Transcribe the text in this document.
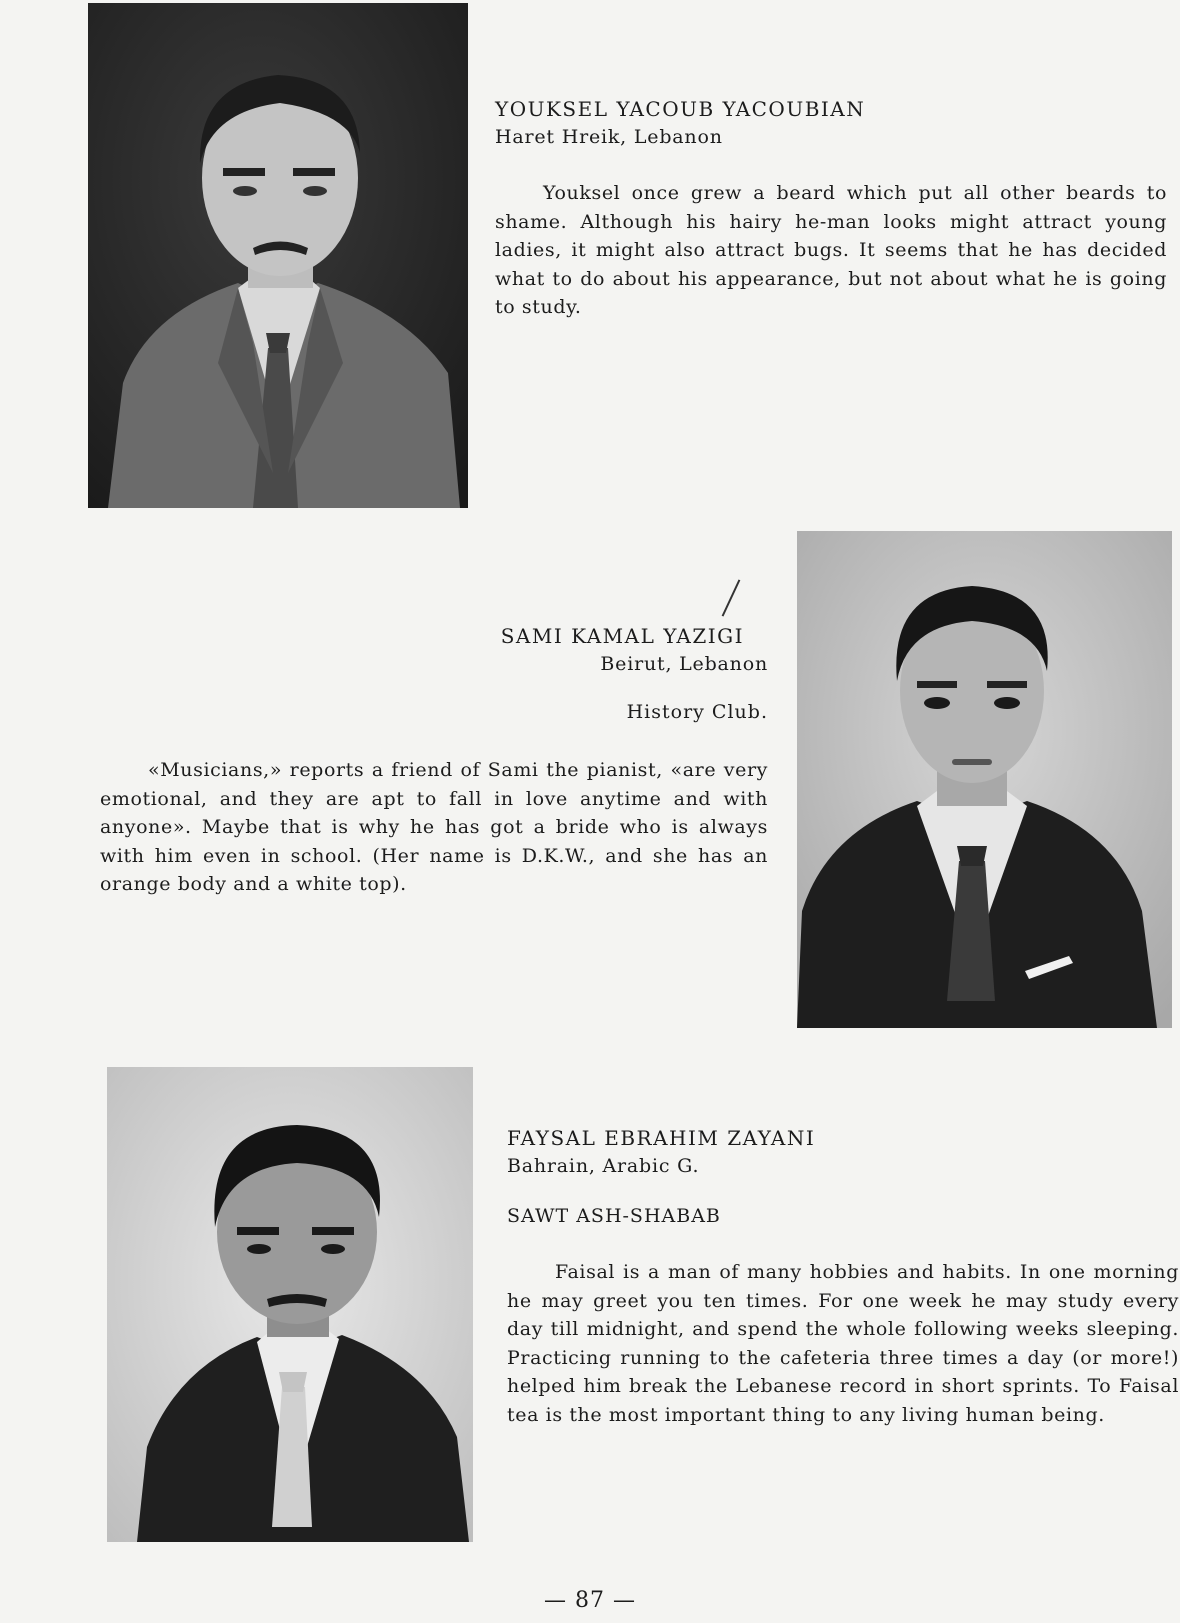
YOUKSEL YACOUB YACOUBIAN

Haret Hreik, Lebanon

Youksel once grew a beard which put all other beards to shame. Although his hairy he-man looks might attract young ladies, it might also attract bugs. It seems that he has decided what to do about his appearance, but not about what he is going to study.

SAMI KAMAL YAZIGI

Beirut, Lebanon

History Club.

«Musicians,» reports a friend of Sami the pianist, «are very emotional, and they are apt to fall in love anytime and with anyone». Maybe that is why he has got a bride who is always with him even in school. (Her name is D.K.W., and she has an orange body and a white top).

FAYSAL EBRAHIM ZAYANI

Bahrain, Arabic G.

SAWT ASH-SHABAB

Faisal is a man of many hobbies and habits. In one morning he may greet you ten times. For one week he may study every day till midnight, and spend the whole following weeks sleeping. Practicing running to the cafeteria three times a day (or more!) helped him break the Lebanese record in short sprints. To Faisal tea is the most important thing to any living human being.

— 87 —
